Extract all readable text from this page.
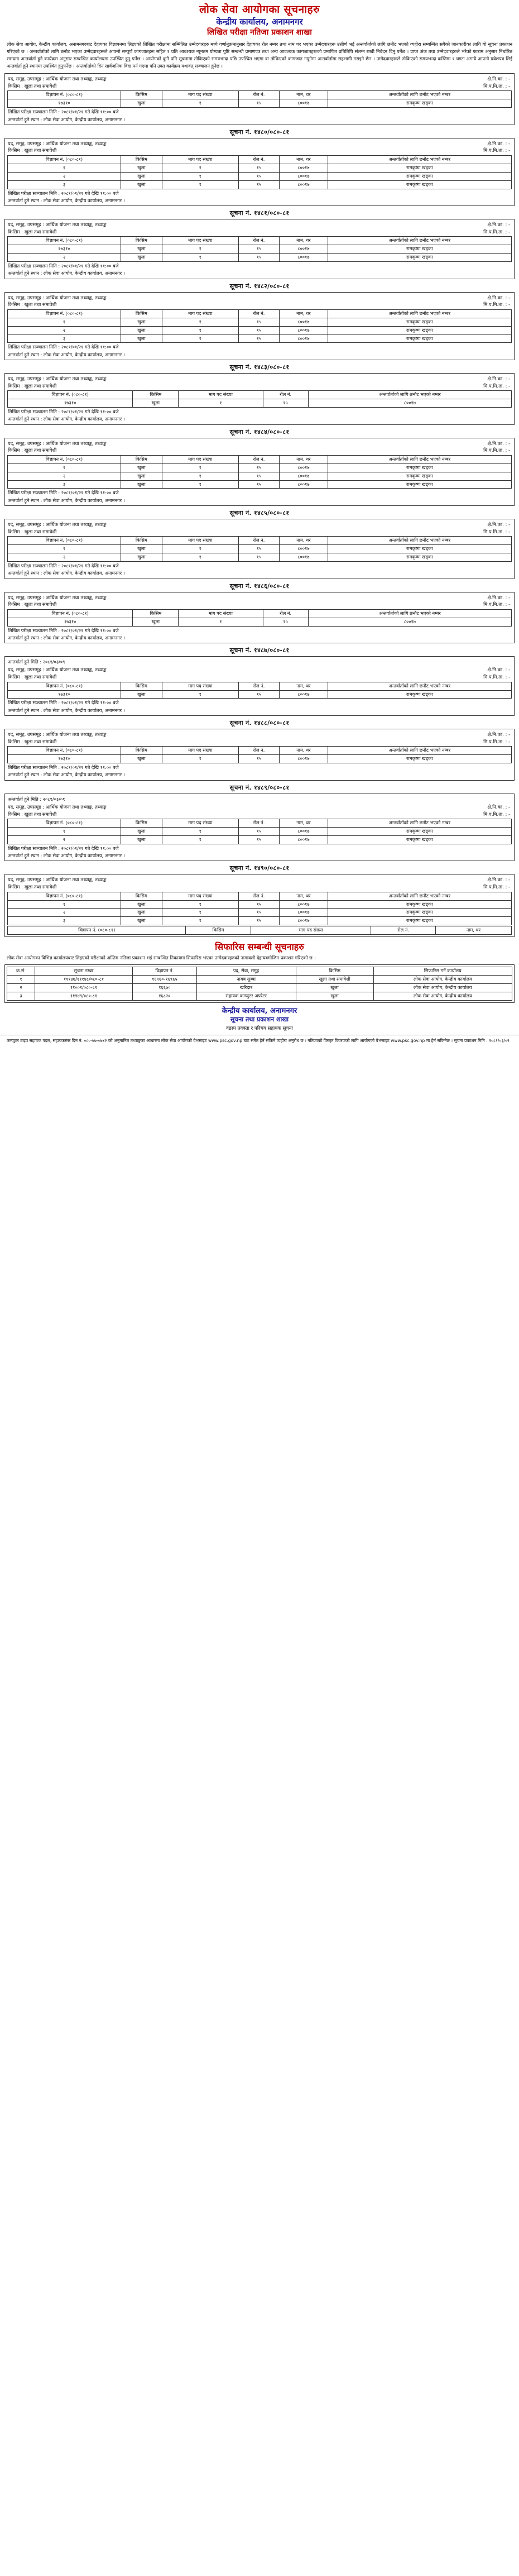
लोक सेवा आयोगका सूचनाहरु
केन्द्रीय कार्यालय, अनामनगर
लिखित परीक्षा नतिजा प्रकाशन शाखा
लोक सेवा आयोग, केन्द्रीय कार्यालय, अनामनगरबाट देहायका विज्ञापनमा लिइएको लिखित परीक्षामा सम्मिलित उम्मेदवारहरु मध्ये वर्णानुक्रमानुसार देहायका रोल नम्बर तथा नाम थर भएका उम्मेदवारहरू उत्तीर्ण भई अन्तर्वार्ताको लागि छनौट भएको व्यहोरा सम्बन्धित सबैको जानकारीका लागि यो सूचना प्रकाशन गरिएको छ । अन्तर्वार्ताको लागि छनौट भएका उम्मेदवारहरूले आफ्नो सम्पूर्ण कागजातहरू सहित १ प्रति आवश्यक न्यूनतम योग्यता पुष्टि सम्बन्धी प्रमाणपत्र तथा अन्य आवश्यक कागजातहरूको प्रमाणित प्रतिलिपि संलग्न राखी निवेदन दिनु पर्नेछ । प्राप्त अंक तथा उम्मेदवारहरुले भरेको फाराम अनुसार निर्धारित समयमा अन्तर्वार्ता हुने कार्यक्रम अनुसार सम्बन्धित कार्यालयमा उपस्थित हुनु पर्नेछ । आयोगको कुनै पनि सूचनामा तोकिएको समयभन्दा पछि उपस्थित भएमा वा तोकिएको कागजात नपुगेमा अन्तर्वार्तामा सहभागी गराइने छैन । उम्मेदवारहरूले तोकिएको समयभन्दा कम्तिमा १ घण्टा अगावै आफ्नो प्रवेशपत्र लिई अन्तर्वार्ता हुने स्थानमा उपस्थित हुनुपर्नेछ । अन्तर्वार्ताको दिन सार्वजनिक विदा पर्न गएमा पनि उक्त कार्यक्रम यथावत् सञ्चालन हुनेछ ।
पद, समूह, उपसमूह : आर्थिक योजना तथा तथ्याङ्क, तथ्याङ्क
किसिम : खुला तथा समावेशी
क्षे.नि.का. : -
मि.प.मि.ता. : -
विज्ञापन नं. (०८०-८१)	किसिम	माग पद संख्या	रोल नं.	नाम, थर	अन्तर्वार्ताको लागि छनौट भएको नम्बर
१७३१०	खुला	१	१५	८००१७	रामकृष्ण खड्का
लिखित परीक्षा सञ्चालन मिति : २०८१/०१/२१ गते देखि ११:०० बजे
अन्तर्वार्ता हुने स्थान : लोक सेवा आयोग, केन्द्रीय कार्यालय, अनामनगर ।
सूचना नं. १४८०/०८०-८१
पद, समूह, उपसमूह : आर्थिक योजना तथा तथ्याङ्क, तथ्याङ्क
किसिम : खुला तथा समावेशी
क्षे.नि.का. : -
मि.प.मि.ता. : -
विज्ञापन नं. (०८०-८१)	किसिम	माग पद संख्या	रोल नं.	नाम, थर	अन्तर्वार्ताको लागि छनौट भएको नम्बर
१	खुला	१	१५	८००१७	रामकृष्ण खड्का
२	खुला	१	१५	८००१७	रामकृष्ण खड्का
३	खुला	१	१५	८००१७	रामकृष्ण खड्का
लिखित परीक्षा सञ्चालन मिति : २०८१/०१/२१ गते देखि ११:०० बजे
अन्तर्वार्ता हुने स्थान : लोक सेवा आयोग, केन्द्रीय कार्यालय, अनामनगर ।
सूचना नं. १४८१/०८०-८१
पद, समूह, उपसमूह : आर्थिक योजना तथा तथ्याङ्क, तथ्याङ्क
किसिम : खुला तथा समावेशी
क्षे.नि.का. : -
मि.प.मि.ता. : -
विज्ञापन नं. (०८०-८१)	किसिम	माग पद संख्या	रोल नं.	नाम, थर	अन्तर्वार्ताको लागि छनौट भएको नम्बर
१७३१०	खुला	१	१५	८००१७	रामकृष्ण खड्का
२	खुला	१	१५	८००१७	रामकृष्ण खड्का
लिखित परीक्षा सञ्चालन मिति : २०८१/०१/२१ गते देखि ११:०० बजे
अन्तर्वार्ता हुने स्थान : लोक सेवा आयोग, केन्द्रीय कार्यालय, अनामनगर ।
सूचना नं. १४८२/०८०-८१
पद, समूह, उपसमूह : आर्थिक योजना तथा तथ्याङ्क, तथ्याङ्क
किसिम : खुला तथा समावेशी
क्षे.नि.का. : -
मि.प.मि.ता. : -
विज्ञापन नं. (०८०-८१)	किसिम	माग पद संख्या	रोल नं.	नाम, थर	अन्तर्वार्ताको लागि छनौट भएको नम्बर
१	खुला	१	१५	८००१७	रामकृष्ण खड्का
२	खुला	१	१५	८००१७	रामकृष्ण खड्का
३	खुला	१	१५	८००१७	रामकृष्ण खड्का
लिखित परीक्षा सञ्चालन मिति : २०८१/०१/२१ गते देखि ११:०० बजे
अन्तर्वार्ता हुने स्थान : लोक सेवा आयोग, केन्द्रीय कार्यालय, अनामनगर ।
सूचना नं. १४८३/०८०-८१
पद, समूह, उपसमूह : आर्थिक योजना तथा तथ्याङ्क, तथ्याङ्क
किसिम : खुला तथा समावेशी
क्षे.नि.का. : -
मि.प.मि.ता. : -
विज्ञापन नं. (०८०-८१)	किसिम	माग पद संख्या	रोल नं.	अन्तर्वार्ताको लागि छनौट भएको नम्बर
१७३१०	खुला	१	१५	८००१७
लिखित परीक्षा सञ्चालन मिति : २०८१/०१/२१ गते देखि ११:०० बजे
अन्तर्वार्ता हुने स्थान : लोक सेवा आयोग, केन्द्रीय कार्यालय, अनामनगर ।
सूचना नं. १४८४/०८०-८१
पद, समूह, उपसमूह : आर्थिक योजना तथा तथ्याङ्क, तथ्याङ्क
किसिम : खुला तथा समावेशी
क्षे.नि.का. : -
मि.प.मि.ता. : -
विज्ञापन नं. (०८०-८१)	किसिम	माग पद संख्या	रोल नं.	नाम, थर	अन्तर्वार्ताको लागि छनौट भएको नम्बर
१	खुला	१	१५	८००१७	रामकृष्ण खड्का
२	खुला	१	१५	८००१७	रामकृष्ण खड्का
३	खुला	१	१५	८००१७	रामकृष्ण खड्का
लिखित परीक्षा सञ्चालन मिति : २०८१/०१/२१ गते देखि ११:०० बजे
अन्तर्वार्ता हुने स्थान : लोक सेवा आयोग, केन्द्रीय कार्यालय, अनामनगर ।
सूचना नं. १४८५/०८०-८१
पद, समूह, उपसमूह : आर्थिक योजना तथा तथ्याङ्क, तथ्याङ्क
किसिम : खुला तथा समावेशी
क्षे.नि.का. : -
मि.प.मि.ता. : -
विज्ञापन नं. (०८०-८१)	किसिम	माग पद संख्या	रोल नं.	नाम, थर	अन्तर्वार्ताको लागि छनौट भएको नम्बर
१	खुला	१	१५	८००१७	रामकृष्ण खड्का
२	खुला	१	१५	८००१७	रामकृष्ण खड्का
लिखित परीक्षा सञ्चालन मिति : २०८१/०१/२१ गते देखि ११:०० बजे
अन्तर्वार्ता हुने स्थान : लोक सेवा आयोग, केन्द्रीय कार्यालय, अनामनगर ।
सूचना नं. १४८६/०८०-८१
पद, समूह, उपसमूह : आर्थिक योजना तथा तथ्याङ्क, तथ्याङ्क
किसिम : खुला तथा समावेशी
क्षे.नि.का. : -
मि.प.मि.ता. : -
विज्ञापन नं. (०८०-८१)	किसिम	माग पद संख्या	रोल नं.	अन्तर्वार्ताको लागि छनौट भएको नम्बर
१७३१०	खुला	१	१५	८००१७
लिखित परीक्षा सञ्चालन मिति : २०८१/०१/२१ गते देखि ११:०० बजे
अन्तर्वार्ता हुने स्थान : लोक सेवा आयोग, केन्द्रीय कार्यालय, अनामनगर ।
सूचना नं. १४८७/०८०-८१
अन्तर्वार्ता हुने मिति : २०८१/०३/०९
पद, समूह, उपसमूह : आर्थिक योजना तथा तथ्याङ्क, तथ्याङ्क
किसिम : खुला तथा समावेशी
क्षे.नि.का. : -
मि.प.मि.ता. : -
विज्ञापन नं. (०८०-८१)	किसिम	माग पद संख्या	रोल नं.	नाम, थर	अन्तर्वार्ताको लागि छनौट भएको नम्बर
१७३१०	खुला	१	१५	८००१७	रामकृष्ण खड्का
लिखित परीक्षा सञ्चालन मिति : २०८१/०१/२१ गते देखि ११:०० बजे
अन्तर्वार्ता हुने स्थान : लोक सेवा आयोग, केन्द्रीय कार्यालय, अनामनगर ।
सूचना नं. १४८८/०८०-८१
पद, समूह, उपसमूह : आर्थिक योजना तथा तथ्याङ्क, तथ्याङ्क
किसिम : खुला तथा समावेशी
क्षे.नि.का. : -
मि.प.मि.ता. : -
विज्ञापन नं. (०८०-८१)	किसिम	माग पद संख्या	रोल नं.	नाम, थर	अन्तर्वार्ताको लागि छनौट भएको नम्बर
१७३१०	खुला	१	१५	८००१७	रामकृष्ण खड्का
लिखित परीक्षा सञ्चालन मिति : २०८१/०१/२१ गते देखि ११:०० बजे
अन्तर्वार्ता हुने स्थान : लोक सेवा आयोग, केन्द्रीय कार्यालय, अनामनगर ।
सूचना नं. १४८९/०८०-८१
अन्तर्वार्ता हुने मिति : २०८१/०३/०९
पद, समूह, उपसमूह : आर्थिक योजना तथा तथ्याङ्क, तथ्याङ्क
किसिम : खुला तथा समावेशी
क्षे.नि.का. : -
मि.प.मि.ता. : -
विज्ञापन नं. (०८०-८१)	किसिम	माग पद संख्या	रोल नं.	नाम, थर	अन्तर्वार्ताको लागि छनौट भएको नम्बर
१	खुला	१	१५	८००१७	रामकृष्ण खड्का
२	खुला	१	१५	८००१७	रामकृष्ण खड्का
लिखित परीक्षा सञ्चालन मिति : २०८१/०१/२१ गते देखि ११:०० बजे
अन्तर्वार्ता हुने स्थान : लोक सेवा आयोग, केन्द्रीय कार्यालय, अनामनगर ।
सूचना नं. १४९०/०८०-८१
पद, समूह, उपसमूह : आर्थिक योजना तथा तथ्याङ्क, तथ्याङ्क
किसिम : खुला तथा समावेशी
क्षे.नि.का. : -
मि.प.मि.ता. : -
विज्ञापन नं. (०८०-८१)	किसिम	माग पद संख्या	रोल नं.	नाम, थर	अन्तर्वार्ताको लागि छनौट भएको नम्बर
१	खुला	१	१५	८००१७	रामकृष्ण खड्का
२	खुला	१	१५	८००१७	रामकृष्ण खड्का
३	खुला	१	१५	८००१७	रामकृष्ण खड्का
विज्ञापन नं. (०८०-८१)	किसिम	माग पद संख्या	रोल नं.	नाम, थर
सिफारिस सम्बन्धी सूचनाहरु
लोक सेवा आयोगका विभिन्न कार्यालयबाट लिइएको परीक्षाको अन्तिम नतिजा प्रकाशन भई सम्बन्धित निकायमा सिफारिस भएका उम्मेदवारहरुको नामावली देहायबमोजिम प्रकाशन गरिएको छ ।
क्र.सं.	सूचना नम्बर	विज्ञापन नं.	पद, सेवा, समूह	किसिम	सिफारिस गर्ने कार्यालय
१	१११४७/१११४८/०८०-८१	१६९६०-१६९६५	नायब सुब्बा	खुला तथा समावेशी	लोक सेवा आयोग, केन्द्रीय कार्यालय
२	११००१/०८०-८१	१६६७०	खरिदार	खुला	लोक सेवा आयोग, केन्द्रीय कार्यालय
३	१११४९/०८०-८१	१६८२०	सहायक कम्प्युटर अपरेटर	खुला	लोक सेवा आयोग, केन्द्रीय कार्यालय
केन्द्रीय कार्यालय, अनामनगर
सूचना तथा प्रकाशन शाखा
वडस्प प्रवक्ता र परिचय सहायक सूचना
कम्प्युटर टाइप सहायक पदल, सहायकस्तर दिन नं. ०८०-७७-०७४२ को अनुमानित तथ्याङ्कका आधारमा लोक सेवा आयोगको वेभसाइट www.psc.gov.np बाट समेत हेर्न सकिने व्यहोरा अनुरोध छ । नतिजाको विस्तृत विवरणको लागि आयोगको वेभसाइट www.psc.gov.np मा हेर्न सकिनेछ । सूचना प्रकाशन मिति : २०८१/०३/०२
